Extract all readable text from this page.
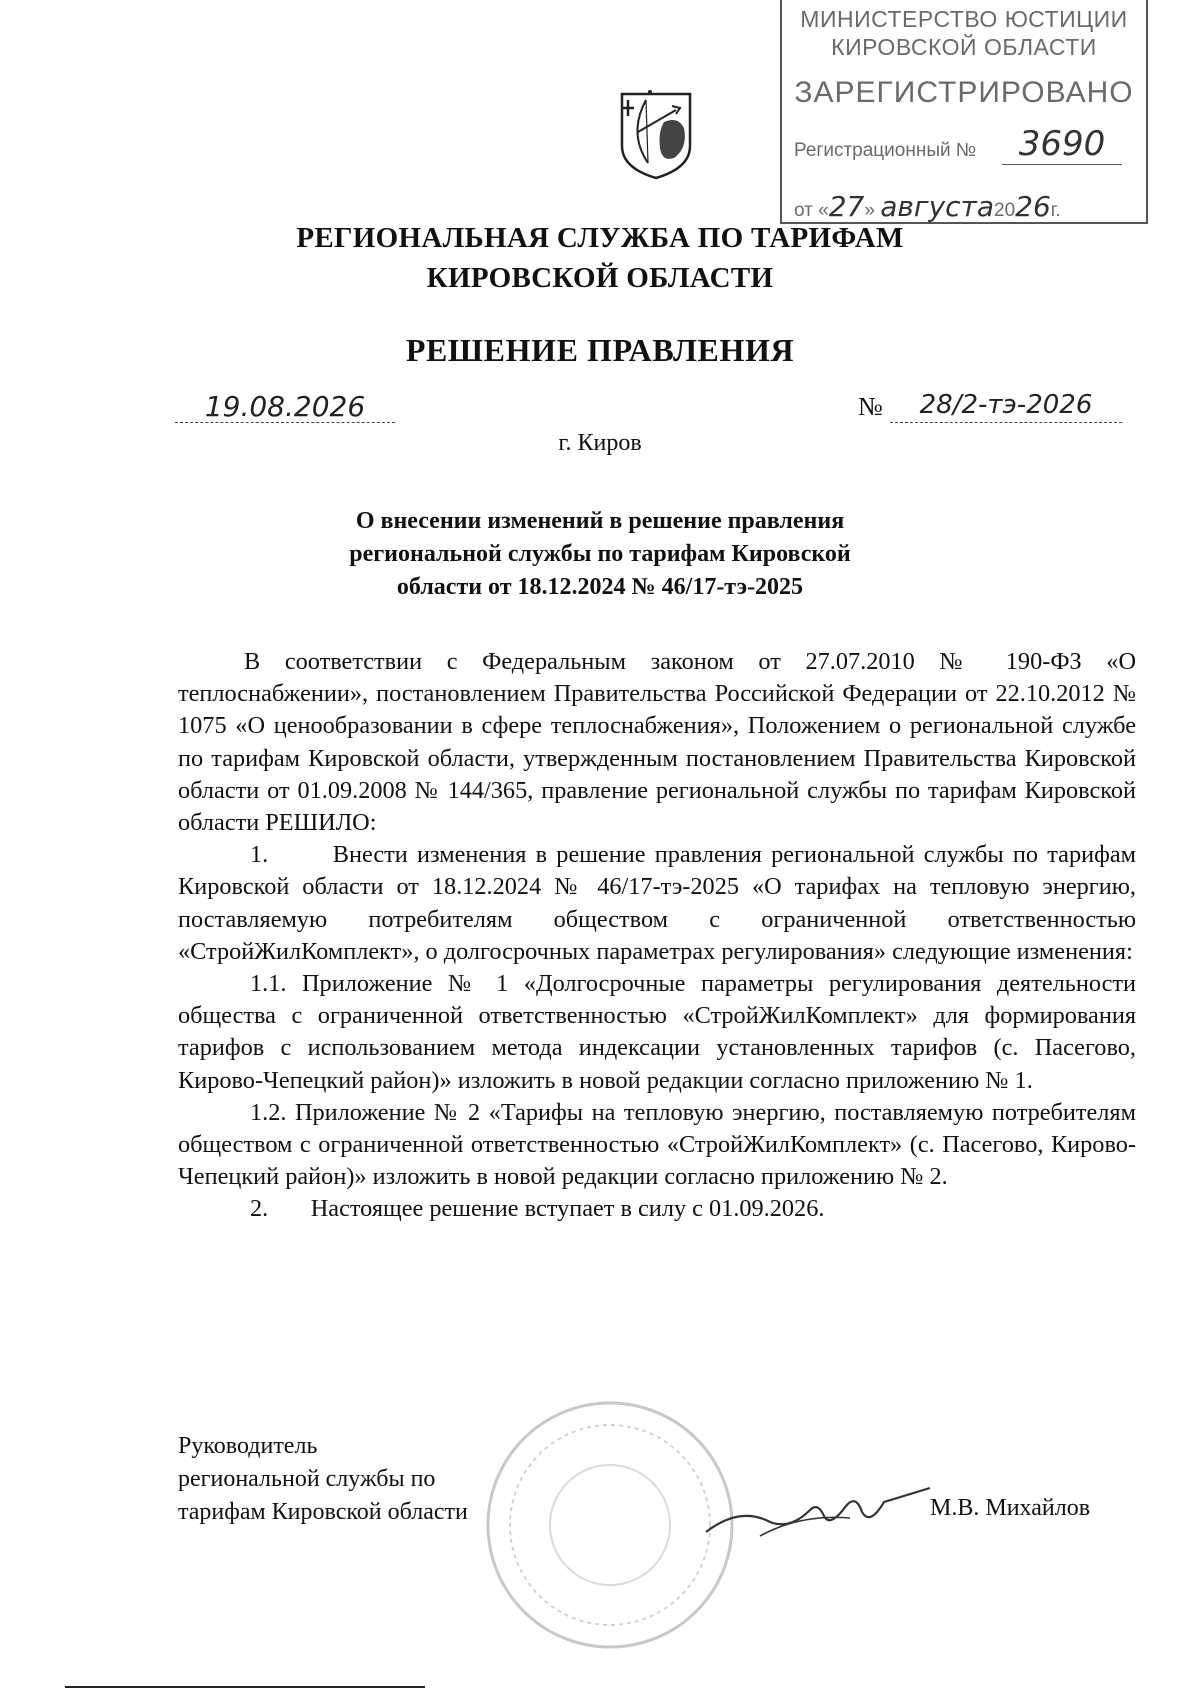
МИНИСТЕРСТВО ЮСТИЦИИ
КИРОВСКОЙ ОБЛАСТИ
ЗАРЕГИСТРИРОВАНО
Регистрационный №	3690
от «27» августа2026г.
РЕГИОНАЛЬНАЯ СЛУЖБА ПО ТАРИФАМ
КИРОВСКОЙ ОБЛАСТИ
РЕШЕНИЕ ПРАВЛЕНИЯ
19.08.2026	№	28/2-тэ-2026
г. Киров
О внесении изменений в решение правления
региональной службы по тарифам Кировской
области от 18.12.2024 № 46/17-тэ-2025

В соответствии с Федеральным законом от 27.07.2010 № 190-ФЗ «О теплоснабжении», постановлением Правительства Российской Федерации от 22.10.2012 № 1075 «О ценообразовании в сфере теплоснабжения», Положением о региональной службе по тарифам Кировской области, утвержденным постановлением Правительства Кировской области от 01.09.2008 № 144/365, правление региональной службы по тарифам Кировской области РЕШИЛО:

1.       Внести изменения в решение правления региональной службы по тарифам Кировской области от 18.12.2024 № 46/17-тэ-2025 «О тарифах на тепловую энергию, поставляемую потребителям обществом с ограниченной ответственностью «СтройЖилКомплект», о долгосрочных параметрах регулирования» следующие изменения:

1.1. Приложение № 1 «Долгосрочные параметры регулирования деятельности общества с ограниченной ответственностью «СтройЖилКомплект» для формирования тарифов с использованием метода индексации установленных тарифов (с. Пасегово, Кирово-Чепецкий район)» изложить в новой редакции согласно приложению № 1.

1.2. Приложение № 2 «Тарифы на тепловую энергию, поставляемую потребителям обществом с ограниченной ответственностью «СтройЖилКомплект» (с. Пасегово, Кирово-Чепецкий район)» изложить в новой редакции согласно приложению № 2.

2.       Настоящее решение вступает в силу с 01.09.2026.

Руководитель
региональной службы по
тарифам Кировской области	М.В. Михайлов
